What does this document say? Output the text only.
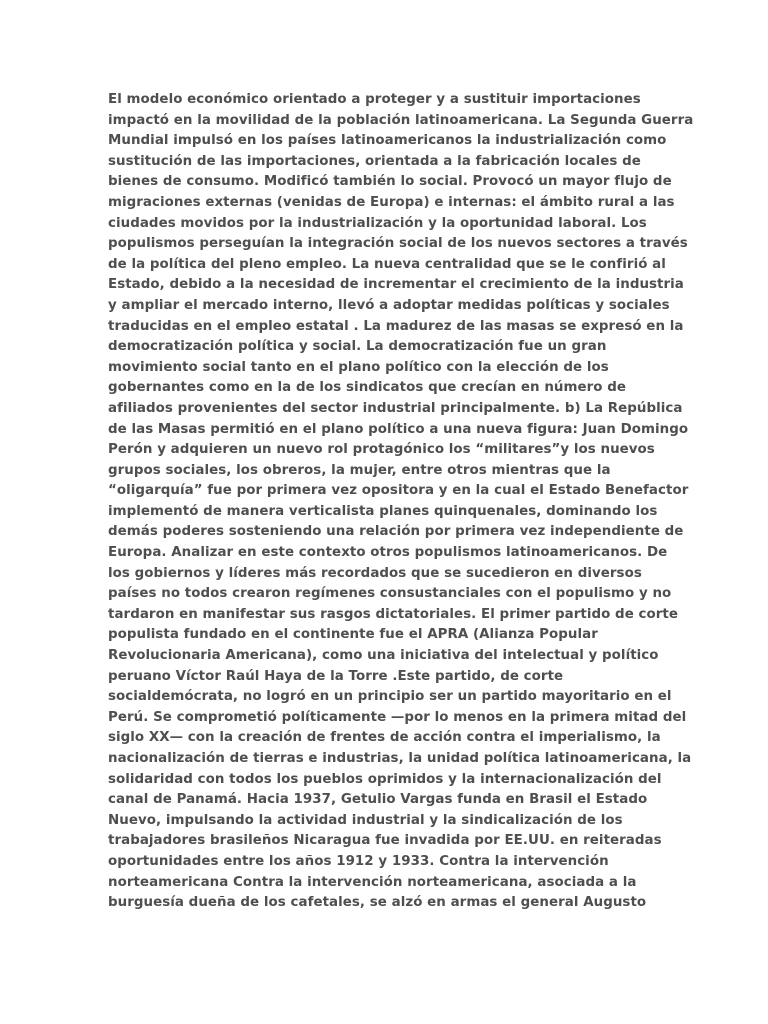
El modelo económico orientado a proteger y a sustituir importaciones
impactó en la movilidad de la población latinoamericana. La Segunda Guerra
Mundial impulsó en los países latinoamericanos la industrialización como
sustitución de las importaciones, orientada a la fabricación locales de
bienes de consumo. Modificó también lo social. Provocó un mayor flujo de
migraciones externas (venidas de Europa) e internas: el ámbito rural a las
ciudades movidos por la industrialización y la oportunidad laboral. Los
populismos perseguían la integración social de los nuevos sectores a través
de la política del pleno empleo. La nueva centralidad que se le confirió al
Estado, debido a la necesidad de incrementar el crecimiento de la industria
y ampliar el mercado interno, llevó a adoptar medidas políticas y sociales
traducidas en el empleo estatal . La madurez de las masas se expresó en la
democratización política y social. La democratización fue un gran
movimiento social tanto en el plano político con la elección de los
gobernantes como en la de los sindicatos que crecían en número de
afiliados provenientes del sector industrial principalmente. b) La República
de las Masas permitió en el plano político a una nueva figura: Juan Domingo
Perón y adquieren un nuevo rol protagónico los “militares”y los nuevos
grupos sociales, los obreros, la mujer, entre otros mientras que la
“oligarquía” fue por primera vez opositora y en la cual el Estado Benefactor
implementó de manera verticalista planes quinquenales, dominando los
demás poderes sosteniendo una relación por primera vez independiente de
Europa. Analizar en este contexto otros populismos latinoamericanos. De
los gobiernos y líderes más recordados que se sucedieron en diversos
países no todos crearon regímenes consustanciales con el populismo y no
tardaron en manifestar sus rasgos dictatoriales. El primer partido de corte
populista fundado en el continente fue el APRA (Alianza Popular
Revolucionaria Americana), como una iniciativa del intelectual y político
peruano Víctor Raúl Haya de la Torre .Este partido, de corte
socialdemócrata, no logró en un principio ser un partido mayoritario en el
Perú. Se comprometió políticamente —por lo menos en la primera mitad del
siglo XX— con la creación de frentes de acción contra el imperialismo, la
nacionalización de tierras e industrias, la unidad política latinoamericana, la
solidaridad con todos los pueblos oprimidos y la internacionalización del
canal de Panamá. Hacia 1937, Getulio Vargas funda en Brasil el Estado
Nuevo, impulsando la actividad industrial y la sindicalización de los
trabajadores brasileños Nicaragua fue invadida por EE.UU. en reiteradas
oportunidades entre los años 1912 y 1933. Contra la intervención
norteamericana Contra la intervención norteamericana, asociada a la
burguesía dueña de los cafetales, se alzó en armas el general Augusto
